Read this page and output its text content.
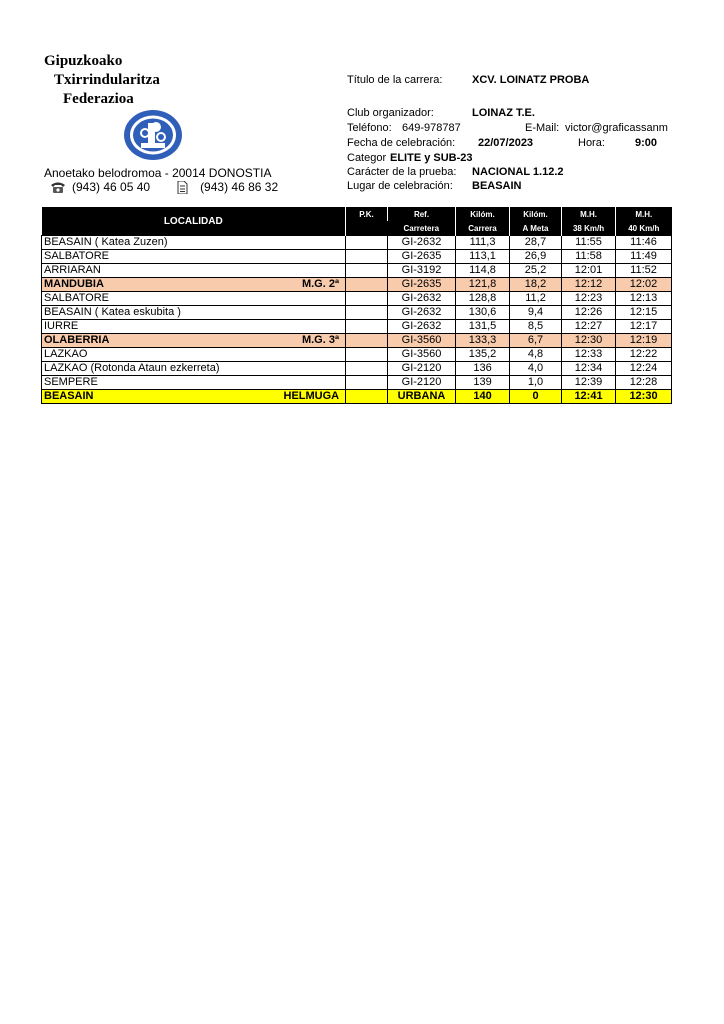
Gipuzkoako
Txirrindularitza
Federazioa
Anoetako belodromoa - 20014 DONOSTIA
(943) 46 05 40	(943) 46 86 32
Título de la carrera:	XCV. LOINATZ PROBA
Club organizador:	LOINAZ T.E.
Teléfono: 649-978787	E-Mail: victor@graficassanm
Fecha de celebración: 22/07/2023	Hora:	9:00
Categor ELITE y SUB-23
Carácter de la prueba: NACIONAL 1.12.2
Lugar de celebración: BEASAIN
LOCALIDAD		P.K.	Ref.	Kilóm.	Kilóm.	M.H.	M.H.
			Carretera	Carrera	A Meta	38 Km/h	40 Km/h
BEASAIN ( Katea Zuzen)			GI-2632	111,3	28,7	11:55	11:46
SALBATORE			GI-2635	113,1	26,9	11:58	11:49
ARRIARAN			GI-3192	114,8	25,2	12:01	11:52
MANDUBIA	M.G. 2ª		GI-2635	121,8	18,2	12:12	12:02
SALBATORE			GI-2632	128,8	11,2	12:23	12:13
BEASAIN ( Katea eskubita )			GI-2632	130,6	9,4	12:26	12:15
IURRE			GI-2632	131,5	8,5	12:27	12:17
OLABERRIA	M.G. 3ª		GI-3560	133,3	6,7	12:30	12:19
LAZKAO			GI-3560	135,2	4,8	12:33	12:22
LAZKAO (Rotonda Ataun ezkerreta)			GI-2120	136	4,0	12:34	12:24
SEMPERE			GI-2120	139	1,0	12:39	12:28
BEASAIN	HELMUGA		URBANA	140	0	12:41	12:30
